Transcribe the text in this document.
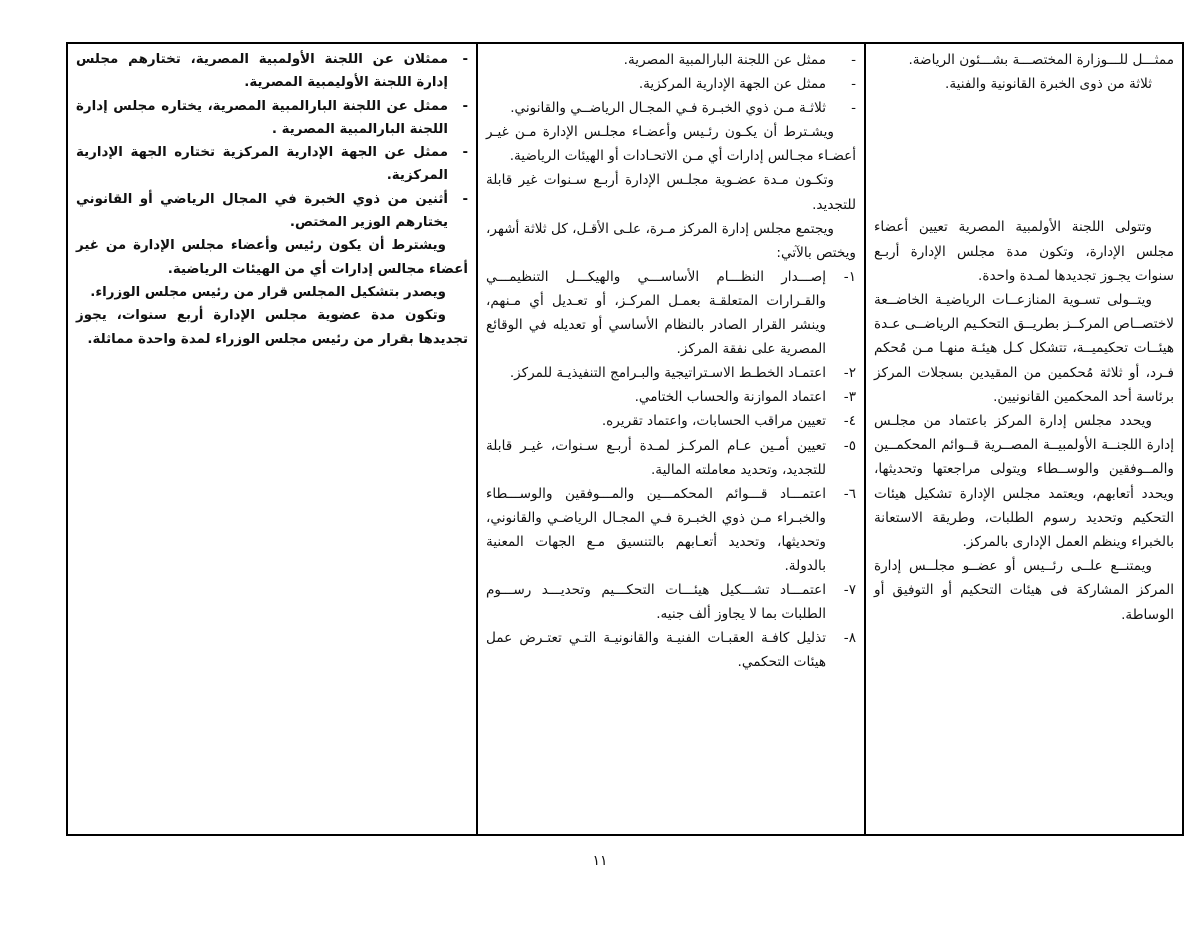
ممثـــل للـــوزارة المختصـــة بشـــئون الرياضة.

ثلاثة من ذوى الخبرة القانونية والفنية.

وتتولى اللجنة الأولمبية المصرية تعيين أعضاء مجلس الإدارة، وتكون مدة مجلس الإدارة أربـع سنوات يجـوز تجديدها لمـدة واحدة.

ويتــولى تسـوية المنازعــات الرياضيـة الخاضــعة لاختصــاص المركــز بطريــق التحكـيم الرياضــى عـدة هيئــات تحكيميــة، تتشكل كـل هيئـة منهـا مـن مُحكم فـرد، أو ثلاثة مُحكمين من المقيدين بسجلات المركز برئاسة أحد المحكمين القانونيين.

ويحدد مجلس إدارة المركز باعتماد من مجلـس إدارة اللجنــة الأولمبيــة المصــرية قــوائم المحكمــين والمــوفقين والوســطاء ويتولى مراجعتها وتحديثها، ويحدد أتعابهم، ويعتمد مجلس الإدارة تشكيل هيئات التحكيم وتحديد رسوم الطلبات، وطريقة الاستعانة بالخبراء وينظم العمل الإدارى بالمركز.

ويمتنــع علــى رئــيس أو عضــو مجلــس إدارة المركز المشاركة فى هيئات التحكيم أو التوفيق أو الوساطة.

-
ممثل عن اللجنة البارالمبية المصرية.
-
ممثل عن الجهة الإدارية المركزية.
-
ثلاثـة مـن ذوي الخبـرة فـي المجـال الرياضــي والقانوني.

ويشـترط أن يكـون رئـيس وأعضـاء مجلـس الإدارة مـن غيـر أعضـاء مجـالس إدارات أي مـن الاتحـادات أو الهيئات الرياضية.

وتكـون مـدة عضـوية مجلـس الإدارة أربـع سـنوات غير قابلة للتجديد.

ويجتمع مجلس إدارة المركز مـرة، علـى الأقـل، كل ثلاثة أشهر، ويختص بالآتي:

١-
إصـــدار النظـــام الأساســـي والهيكـــل التنظيمـــي والقـرارات المتعلقـة بعمـل المركـز، أو تعـديل أي مـنهم، وينشر القرار الصادر بالنظام الأساسي أو تعديله في الوقائع المصرية على نفقة المركز.
٢-
اعتمـاد الخطـط الاسـتراتيجية والبـرامج التنفيذيـة للمركز.
٣-
اعتماد الموازنة والحساب الختامي.
٤-
تعيين مراقب الحسابات، واعتماد تقريره.
٥-
تعيين أمـين عـام المركـز لمـدة أربـع سـنوات، غيـر قابلة للتجديد، وتحديد معاملته المالية.
٦-
اعتمـــاد قـــوائم المحكمـــين والمـــوفقين والوســـطاء والخبـراء مـن ذوي الخبـرة فـي المجـال الرياضـي والقانوني، وتحديثها، وتحديد أتعـابهم بالتنسيق مـع الجهات المعنية بالدولة.
٧-
اعتمـــاد تشـــكيل هيئـــات التحكـــيم وتحديـــد رســـوم الطلبات بما لا يجاوز ألف جنيه.
٨-
تذليل كافـة العقبـات الفنيـة والقانونيـة التـي تعتـرض عمل هيئات التحكمي.

-
ممثلان عن اللجنة الأولمبية المصرية، تختارهم مجلس إدارة اللجنة الأوليمبية المصرية.
-
ممثل عن اللجنة البارالمبية المصرية، يختاره مجلس إدارة اللجنة البارالمبية المصرية .
-
ممثل عن الجهة الإدارية المركزية تختاره الجهة الإدارية المركزية.
-
أثنين من ذوي الخبرة في المجال الرياضي أو القانوني يختارهم الوزير المختص.

ويشترط أن يكون رئيس وأعضاء مجلس الإدارة من غير أعضاء مجالس إدارات أي من الهيئات الرياضية.

ويصدر بتشكيل المجلس قرار من رئيس مجلس الوزراء.

وتكون مدة عضوية مجلس الإدارة أربع سنوات، يجوز تجديدها بقرار من رئيس مجلس الوزراء لمدة واحدة مماثلة.

١١
